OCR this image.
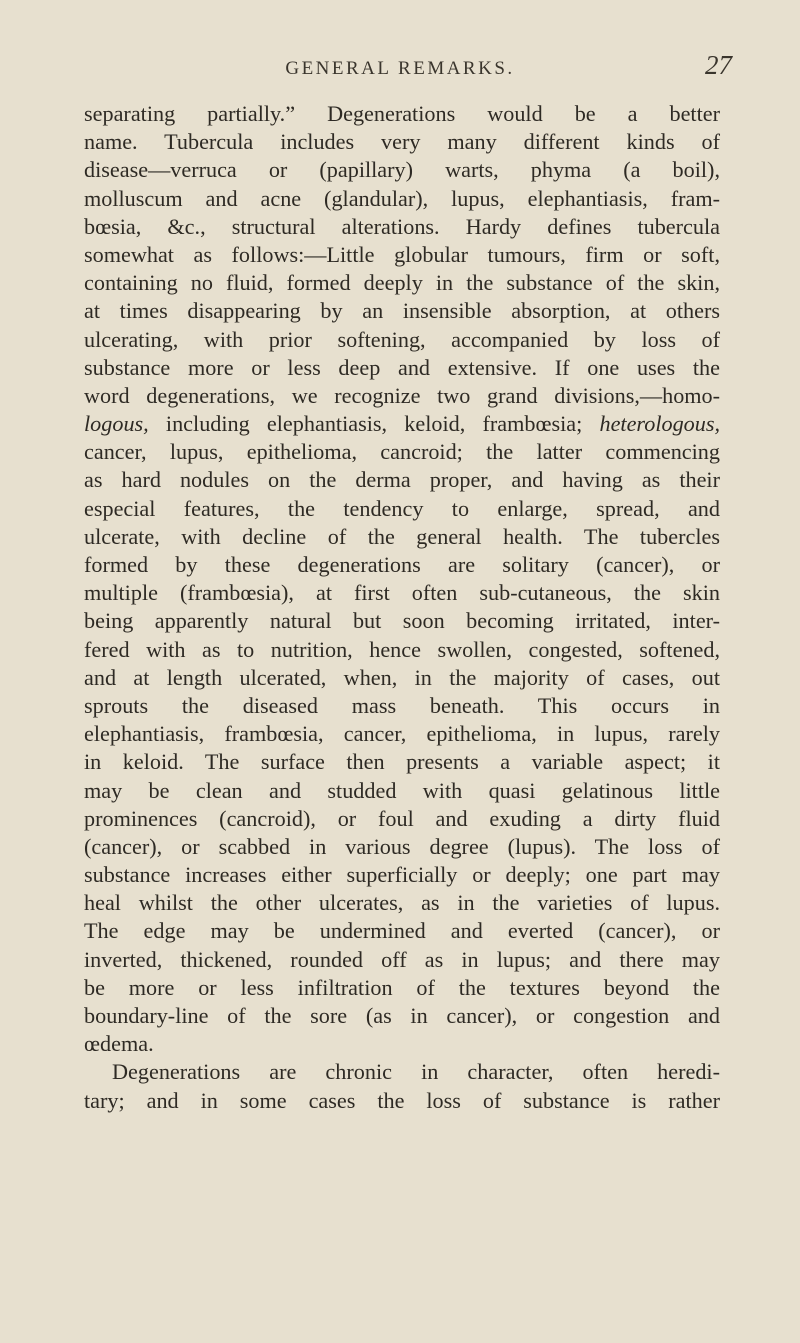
GENERAL REMARKS.	27
separating partially.” Degenerations would be a better
name. Tubercula includes very many different kinds of
disease—verruca or (papillary) warts, phyma (a boil),
molluscum and acne (glandular), lupus, elephantiasis, fram-
bœsia, &c., structural alterations. Hardy defines tubercula
somewhat as follows:—Little globular tumours, firm or soft,
containing no fluid, formed deeply in the substance of the skin,
at times disappearing by an insensible absorption, at others
ulcerating, with prior softening, accompanied by loss of
substance more or less deep and extensive. If one uses the
word degenerations, we recognize two grand divisions,—homo-
logous, including elephantiasis, keloid, frambœsia; heterologous,
cancer, lupus, epithelioma, cancroid; the latter commencing
as hard nodules on the derma proper, and having as their
especial features, the tendency to enlarge, spread, and
ulcerate, with decline of the general health. The tubercles
formed by these degenerations are solitary (cancer), or
multiple (frambœsia), at first often sub-cutaneous, the skin
being apparently natural but soon becoming irritated, inter-
fered with as to nutrition, hence swollen, congested, softened,
and at length ulcerated, when, in the majority of cases, out
sprouts the diseased mass beneath. This occurs in
elephantiasis, frambœsia, cancer, epithelioma, in lupus, rarely
in keloid. The surface then presents a variable aspect; it
may be clean and studded with quasi gelatinous little
prominences (cancroid), or foul and exuding a dirty fluid
(cancer), or scabbed in various degree (lupus). The loss of
substance increases either superficially or deeply; one part may
heal whilst the other ulcerates, as in the varieties of lupus.
The edge may be undermined and everted (cancer), or
inverted, thickened, rounded off as in lupus; and there may
be more or less infiltration of the textures beyond the
boundary-line of the sore (as in cancer), or congestion and
œdema.
Degenerations are chronic in character, often heredi-
tary; and in some cases the loss of substance is rather
